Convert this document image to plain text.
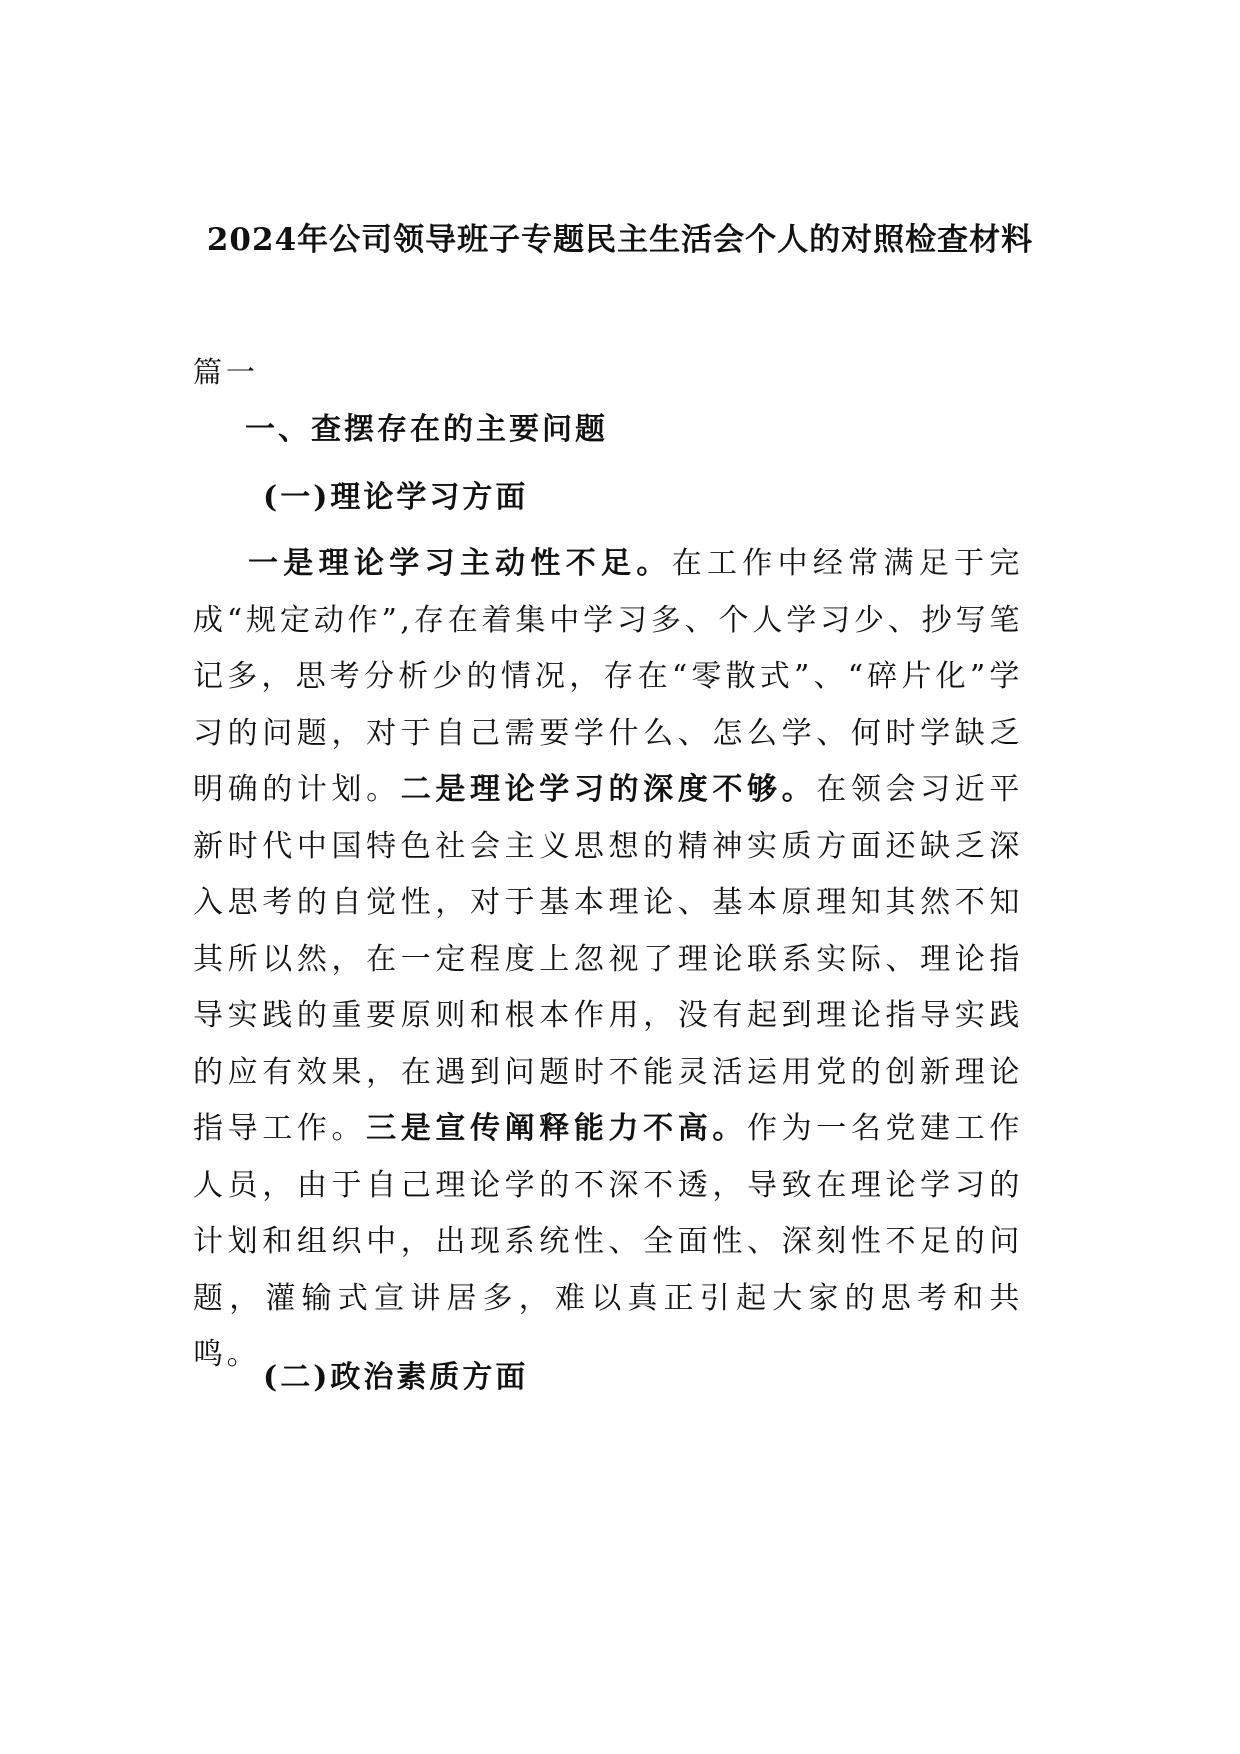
2024年公司领导班子专题民主生活会个人的对照检查材料
篇一
一、查摆存在的主要问题
(一)理论学习方面

一是理论学习主动性不足。在工作中经常满足于完成“规定动作”,存在着集中学习多、个人学习少、抄写笔记多，思考分析少的情况，存在“零散式”、“碎片化”学习的问题，对于自己需要学什么、怎么学、何时学缺乏明确的计划。二是理论学习的深度不够。在领会习近平新时代中国特色社会主义思想的精神实质方面还缺乏深入思考的自觉性，对于基本理论、基本原理知其然不知其所以然，在一定程度上忽视了理论联系实际、理论指导实践的重要原则和根本作用，没有起到理论指导实践的应有效果，在遇到问题时不能灵活运用党的创新理论指导工作。三是宣传阐释能力不高。作为一名党建工作人员，由于自己理论学的不深不透，导致在理论学习的计划和组织中，出现系统性、全面性、深刻性不足的问题，灌输式宣讲居多，难以真正引起大家的思考和共鸣。

(二)政治素质方面
